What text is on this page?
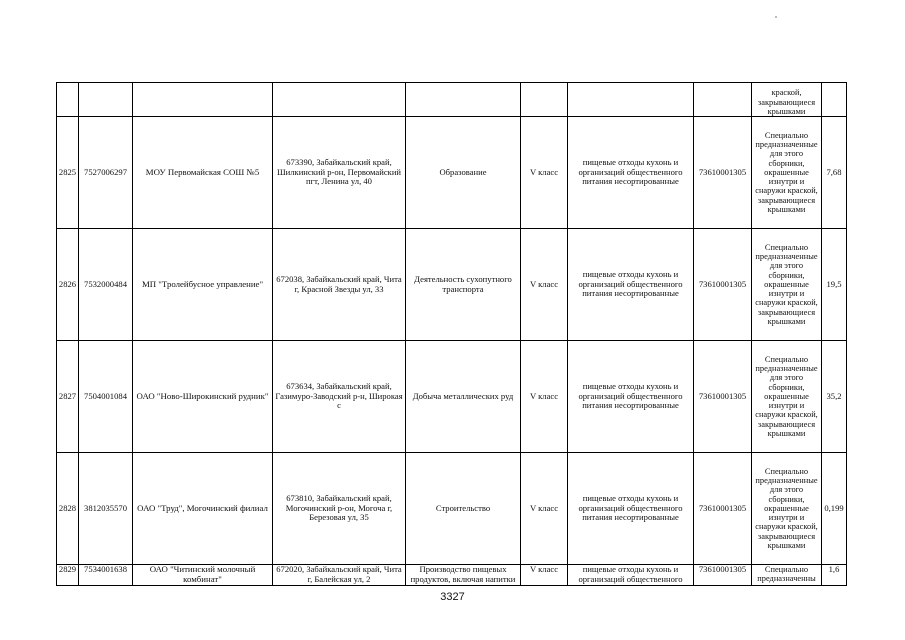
								краской, закрывающиеся крышками	
2825	7527006297	МОУ Первомайская СОШ №5	673390, Забайкальский край, Шилкинский р-он, Первомайский пгт, Ленина ул, 40	Образование	V класс	пищевые отходы кухонь и организаций общественного питания несортированные	73610001305	Специально предназначенные для этого сборники, окрашенные изнутри и снаружи краской, закрывающиеся крышками	7,68
2826	7532000484	МП "Тролейбусное управление"	672038, Забайкальский край, Чита г, Красной Звезды ул, 33	Деятельность сухопутного транспорта	V класс	пищевые отходы кухонь и организаций общественного питания несортированные	73610001305	Специально предназначенные для этого сборники, окрашенные изнутри и снаружи краской, закрывающиеся крышками	19,5
2827	7504001084	ОАО "Ново-Широкинский рудник"	673634, Забайкальский край, Газимуро-Заводский р-н, Широкая с	Добыча металлических руд	V класс	пищевые отходы кухонь и организаций общественного питания несортированные	73610001305	Специально предназначенные для этого сборники, окрашенные изнутри и снаружи краской, закрывающиеся крышками	35,2
2828	3812035570	ОАО "Труд", Могочинский филиал	673810, Забайкальский край, Могочинский р-он, Могоча г, Березовая ул, 35	Строительство	V класс	пищевые отходы кухонь и организаций общественного питания несортированные	73610001305	Специально предназначенные для этого сборники, окрашенные изнутри и снаружи краской, закрывающиеся крышками	0,199
2829	7534001638	ОАО "Читинский молочный комбинат"	672020, Забайкальский край, Чита г, Балейская ул, 2	Производство пищевых продуктов, включая напитки	V класс	пищевые отходы кухонь и организаций общественного	73610001305	Специально предназначенны	1,6
3327
